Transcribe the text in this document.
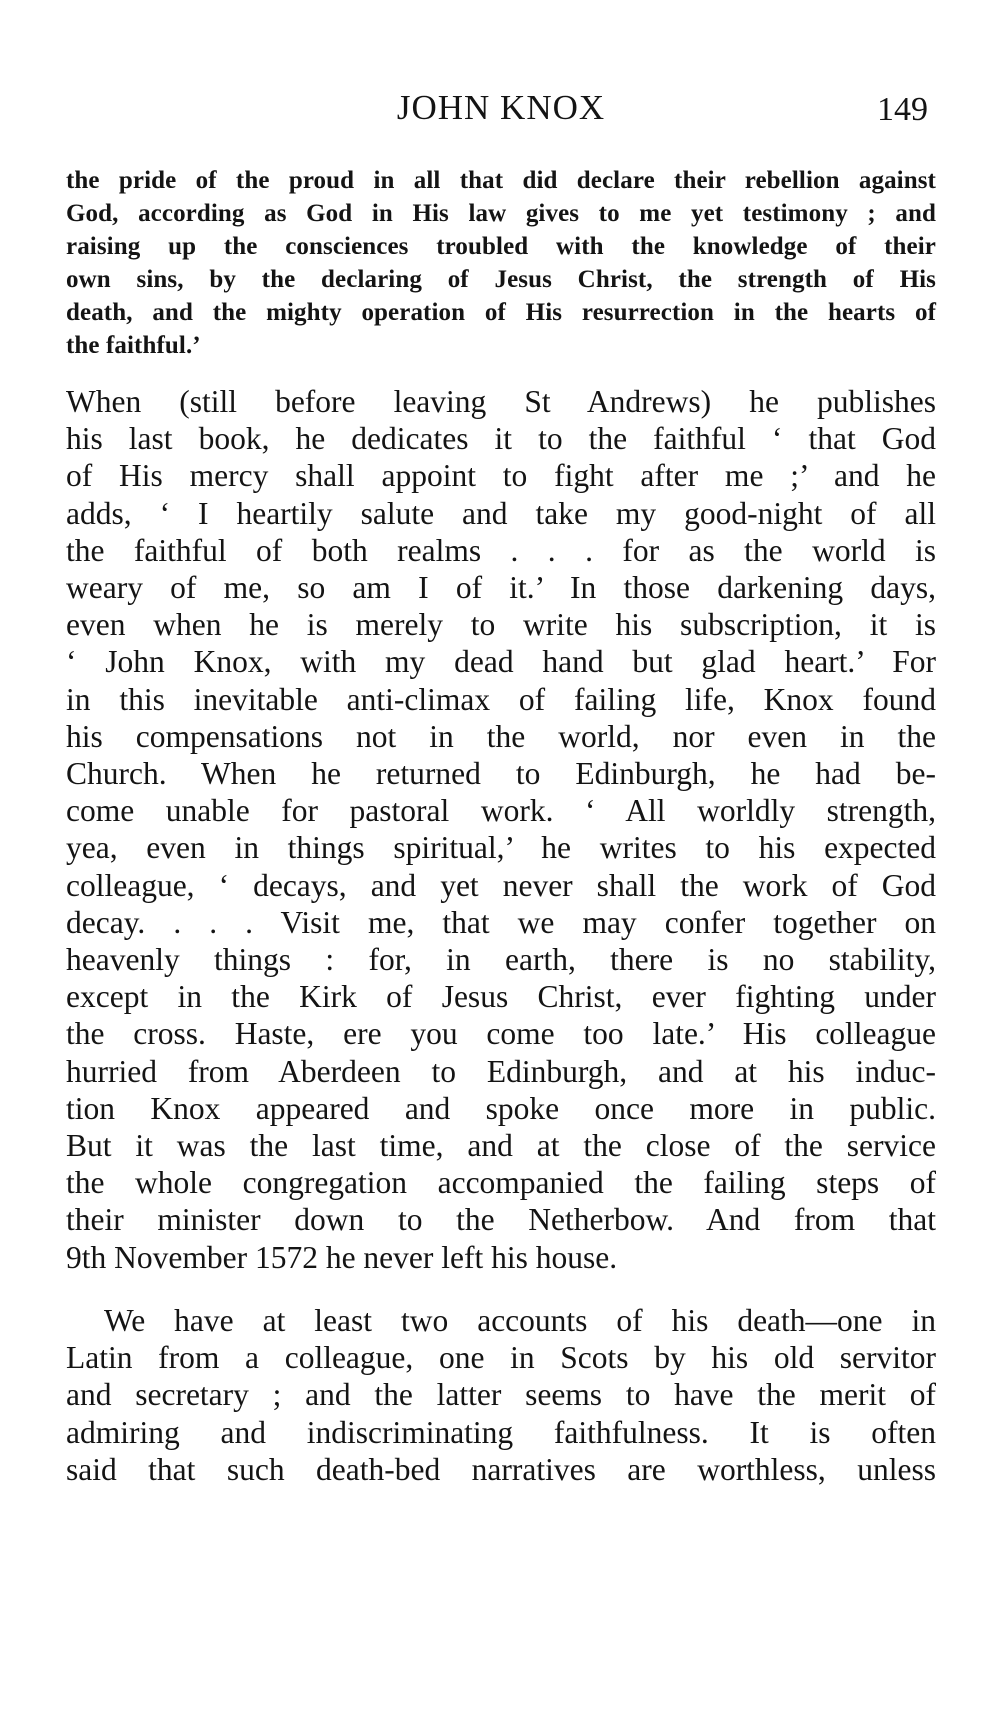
JOHN KNOX	149
the pride of the proud in all that did declare their rebellion against
God, according as God in His law gives to me yet testimony ; and
raising up the consciences troubled with the knowledge of their
own sins, by the declaring of Jesus Christ, the strength of His
death, and the mighty operation of His resurrection in the hearts of
the faithful.’
When (still before leaving St Andrews) he publishes
his last book, he dedicates it to the faithful ‘ that God
of His mercy shall appoint to fight after me ;’ and he
adds, ‘ I heartily salute and take my good-night of all
the faithful of both realms . . . for as the world is
weary of me, so am I of it.’ In those darkening days,
even when he is merely to write his subscription, it is
‘ John Knox, with my dead hand but glad heart.’ For
in this inevitable anti-climax of failing life, Knox found
his compensations not in the world, nor even in the
Church. When he returned to Edinburgh, he had be-
come unable for pastoral work. ‘ All worldly strength,
yea, even in things spiritual,’ he writes to his expected
colleague, ‘ decays, and yet never shall the work of God
decay. . . . Visit me, that we may confer together on
heavenly things : for, in earth, there is no stability,
except in the Kirk of Jesus Christ, ever fighting under
the cross. Haste, ere you come too late.’ His colleague
hurried from Aberdeen to Edinburgh, and at his induc-
tion Knox appeared and spoke once more in public.
But it was the last time, and at the close of the service
the whole congregation accompanied the failing steps of
their minister down to the Netherbow. And from that
9th November 1572 he never left his house.
We have at least two accounts of his death—one in
Latin from a colleague, one in Scots by his old servitor
and secretary ; and the latter seems to have the merit of
admiring and indiscriminating faithfulness. It is often
said that such death-bed narratives are worthless, unless
